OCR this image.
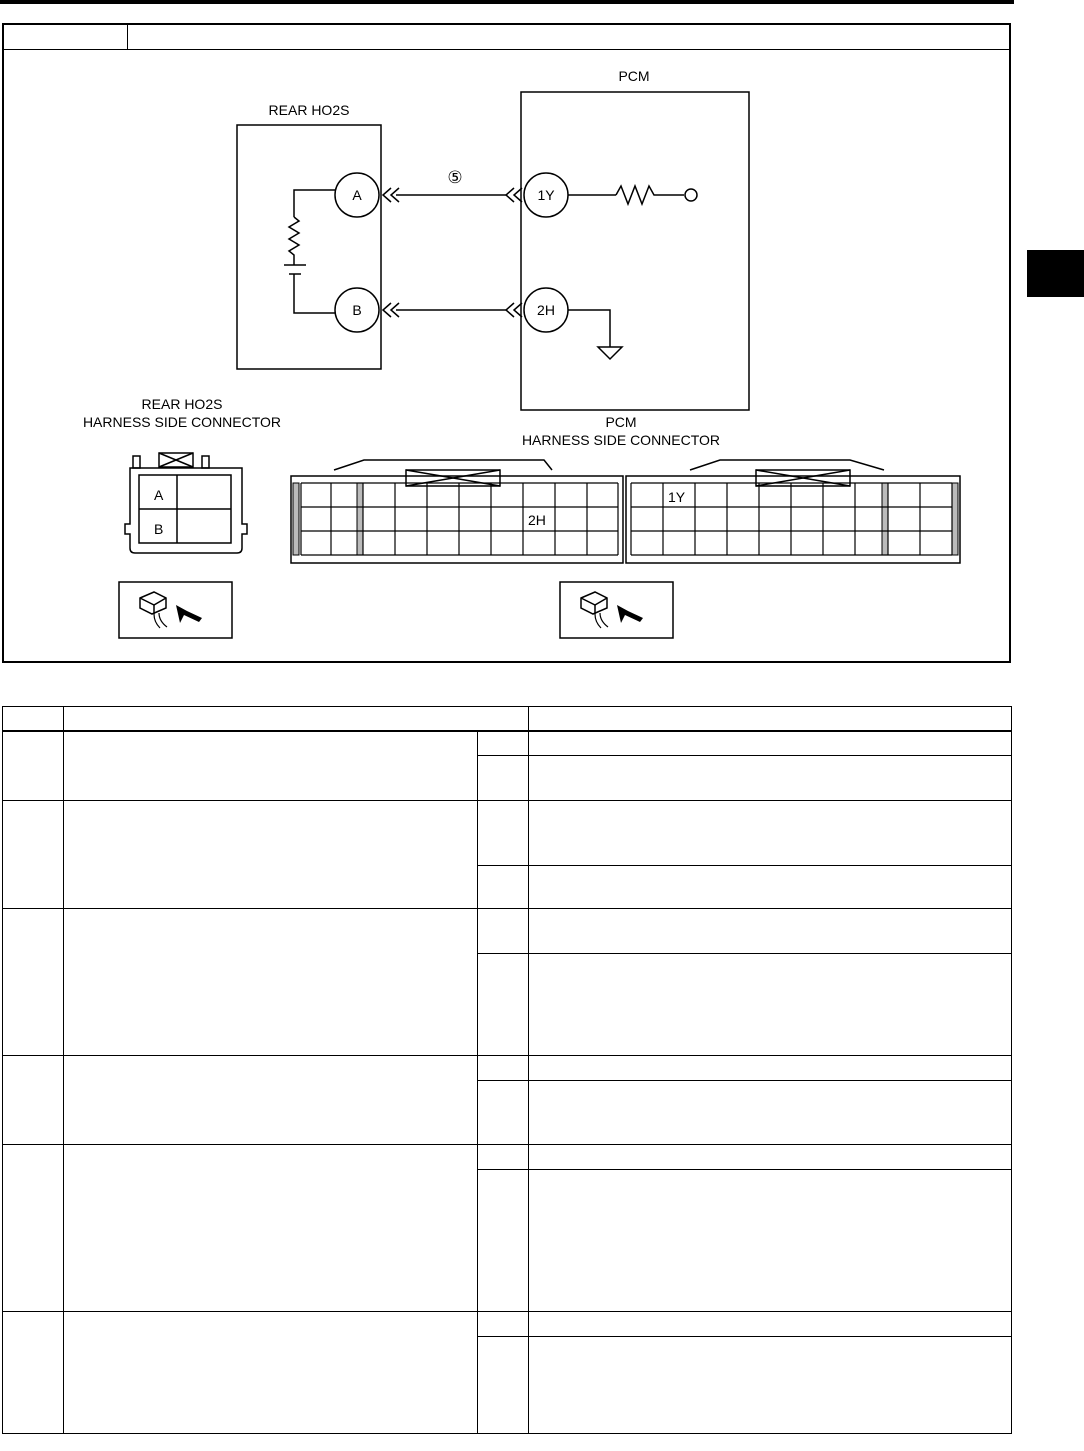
REAR HO2S
PCM
A
B
1Y
2H
⑤
REAR HO2S
HARNESS SIDE CONNECTOR	PCM
HARNESS SIDE CONNECTOR
A
B
2H
1Y
